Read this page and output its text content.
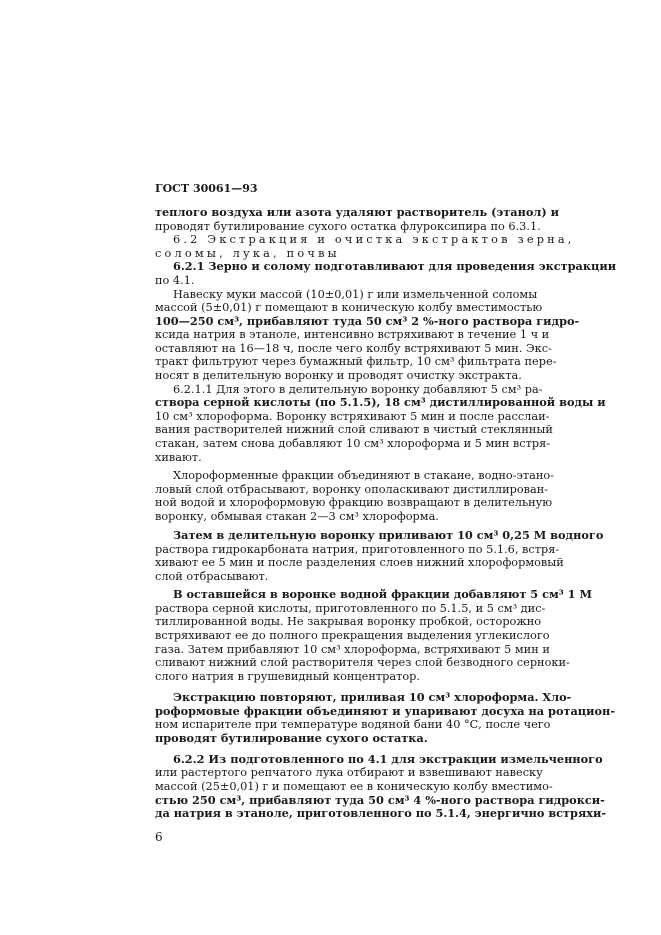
ГОСТ 30061—93
теплого воздуха или азота удаляют растворитель (этанол) и
проводят бутилирование сухого остатка флуроксипира по 6.3.1.
6.2 Экстракция и очистка экстрактов зерна,
соломы, лука, почвы
6.2.1 Зерно и солому подготавливают для проведения экстракции
по 4.1.
Навеску муки массой (10±0,01) г или измельченной соломы
массой (5±0,01) г помещают в коническую колбу вместимостью
100—250 см³, прибавляют туда 50 см³ 2 %-ного раствора гидро-
ксида натрия в этаноле, интенсивно встряхивают в течение 1 ч и
оставляют на 16—18 ч, после чего колбу встряхивают 5 мин. Экс-
тракт фильтруют через бумажный фильтр, 10 см³ фильтрата пере-
носят в делительную воронку и проводят очистку экстракта.
6.2.1.1 Для этого в делительную воронку добавляют 5 см³ ра-
створа серной кислоты (по 5.1.5), 18 см³ дистиллированной воды и
10 см³ хлороформа. Воронку встряхивают 5 мин и после расслаи-
вания растворителей нижний слой сливают в чистый стеклянный
стакан, затем снова добавляют 10 см³ хлороформа и 5 мин встря-
хивают.
Хлороформенные фракции объединяют в стакане, водно-этано-
ловый слой отбрасывают, воронку ополаскивают дистиллирован-
ной водой и хлороформовую фракцию возвращают в делительную
воронку, обмывая стакан 2—3 см³ хлороформа.
Затем в делительную воронку приливают 10 см³ 0,25 М водного
раствора гидрокарбоната натрия, приготовленного по 5.1.6, встря-
хивают ее 5 мин и после разделения слоев нижний хлороформовый
слой отбрасывают.
В оставшейся в воронке водной фракции добавляют 5 см³ 1 М
раствора серной кислоты, приготовленного по 5.1.5, и 5 см³ дис-
тиллированной воды. Не закрывая воронку пробкой, осторожно
встряхивают ее до полного прекращения выделения углекислого
газа. Затем прибавляют 10 см³ хлороформа, встряхивают 5 мин и
сливают нижний слой растворителя через слой безводного серноки-
слого натрия в грушевидный концентратор.
Экстракцию повторяют, приливая 10 см³ хлороформа. Хло-
роформовые фракции объединяют и упаривают досуха на ротацион-
ном испарителе при температуре водяной бани 40 °С, после чего
проводят бутилирование сухого остатка.
6.2.2 Из подготовленного по 4.1 для экстракции измельченного
или растертого репчатого лука отбирают и взвешивают навеску
массой (25±0,01) г и помещают ее в коническую колбу вместимо-
стью 250 см³, прибавляют туда 50 см³ 4 %-ного раствора гидрокси-
да натрия в этаноле, приготовленного по 5.1.4, энергично встряхи-
6
